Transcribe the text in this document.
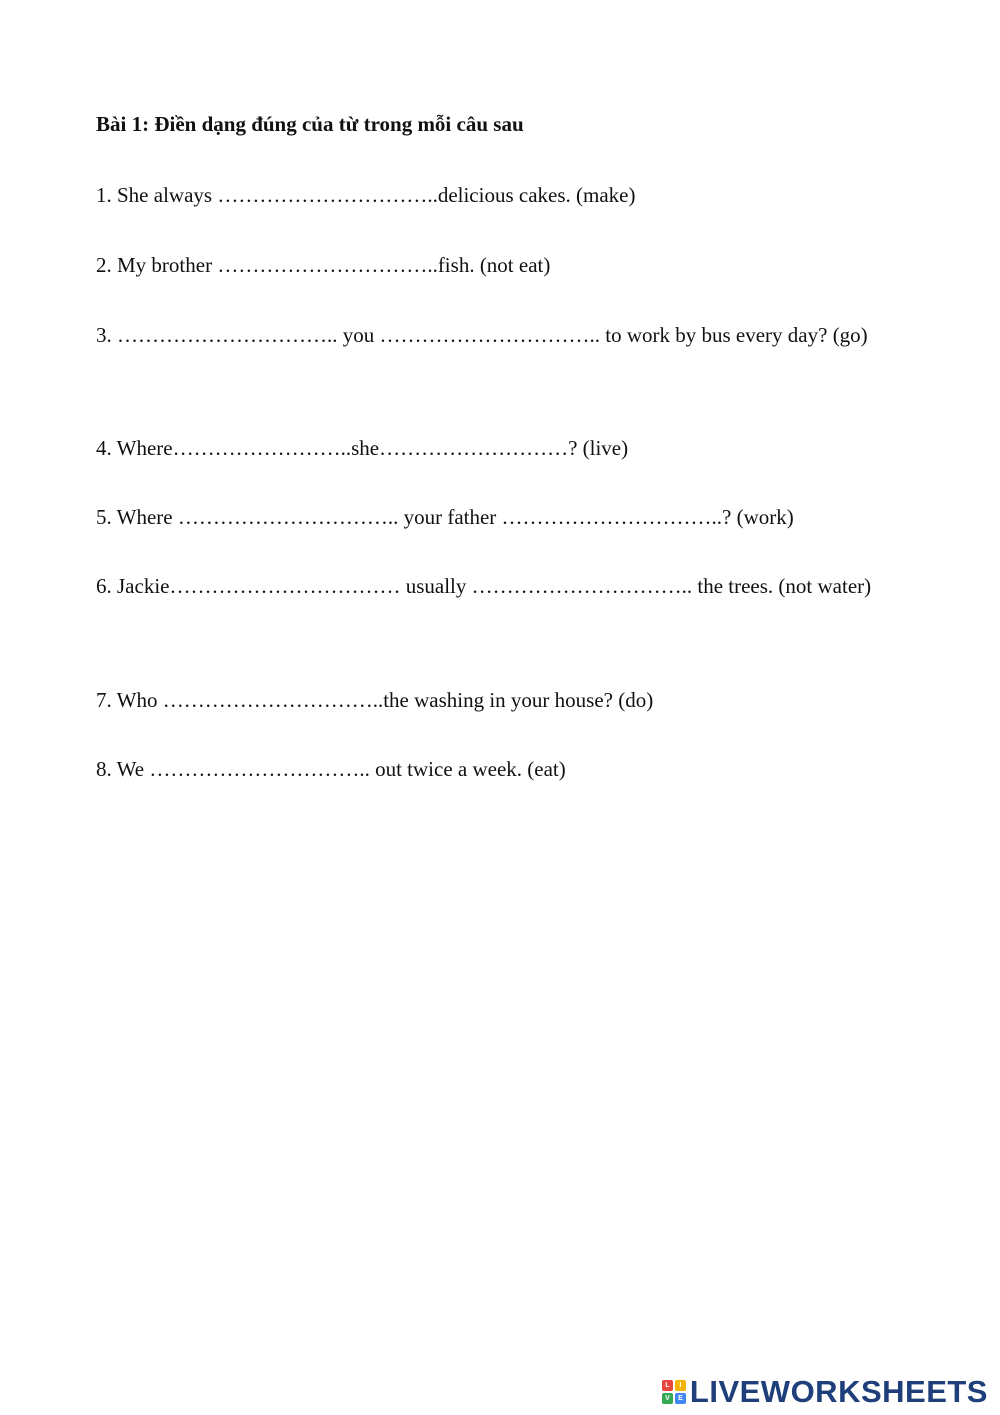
Bài 1: Điền dạng đúng của từ trong mỗi câu sau
1. She always …………………………..delicious cakes. (make)
2. My brother …………………………..fish. (not eat)
3. ………………………….. you ………………………….. to work by bus every day? (go)
4. Where……………………..she………………………? (live)
5. Where ………………………….. your father …………………………..? (work)
6. Jackie…………………………… usually ………………………….. the trees. (not water)
7. Who …………………………..the washing in your house? (do)
8. We ………………………….. out twice a week. (eat)
L	I
V	E LIVEWORKSHEETS
